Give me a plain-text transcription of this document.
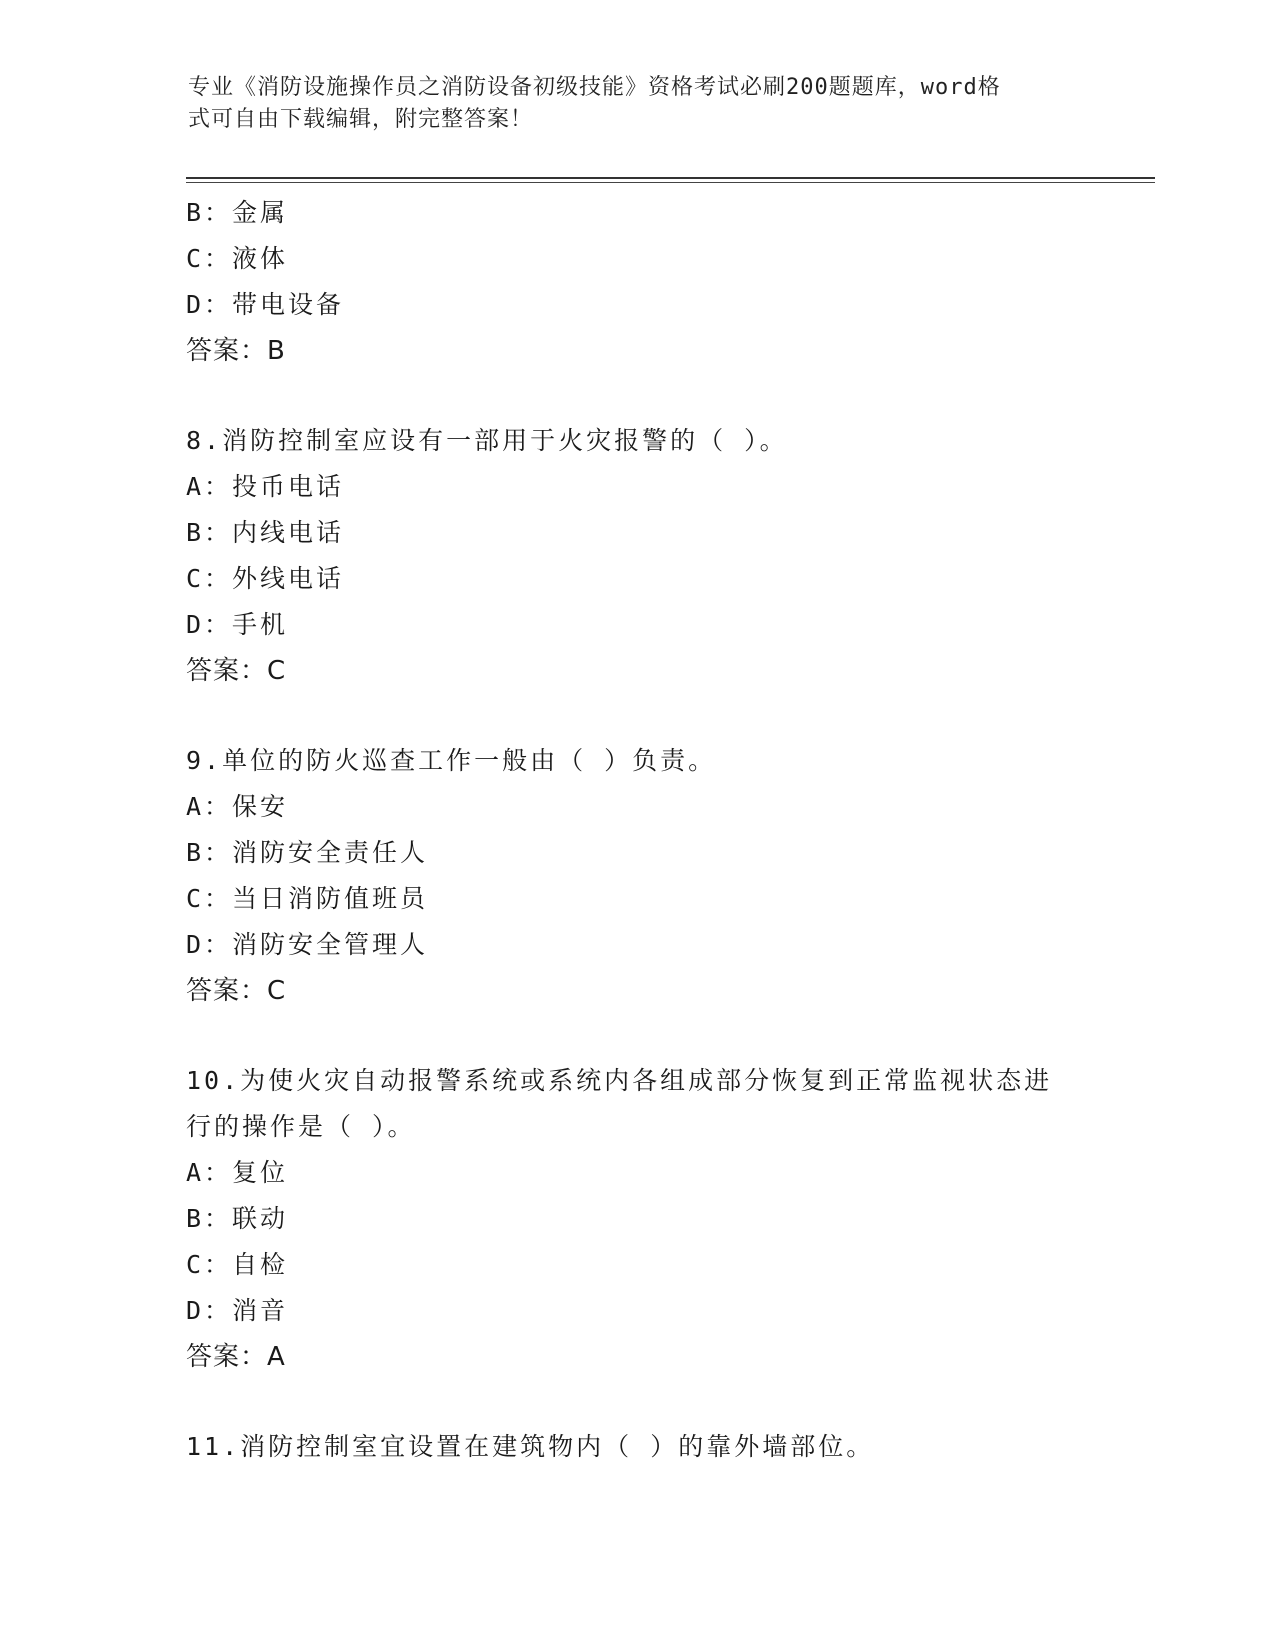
专业《消防设施操作员之消防设备初级技能》资格考试必刷200题题库，word格
式可自由下载编辑，附完整答案！
B：金属
C：液体
D：带电设备
答案：B
8.消防控制室应设有一部用于火灾报警的（ ）。
A：投币电话
B：内线电话
C：外线电话
D：手机
答案：C
9.单位的防火巡查工作一般由（ ）负责。
A：保安
B：消防安全责任人
C：当日消防值班员
D：消防安全管理人
答案：C
10.为使火灾自动报警系统或系统内各组成部分恢复到正常监视状态进
行的操作是（ ）。
A：复位
B：联动
C：自检
D：消音
答案：A
11.消防控制室宜设置在建筑物内（ ）的靠外墙部位。
